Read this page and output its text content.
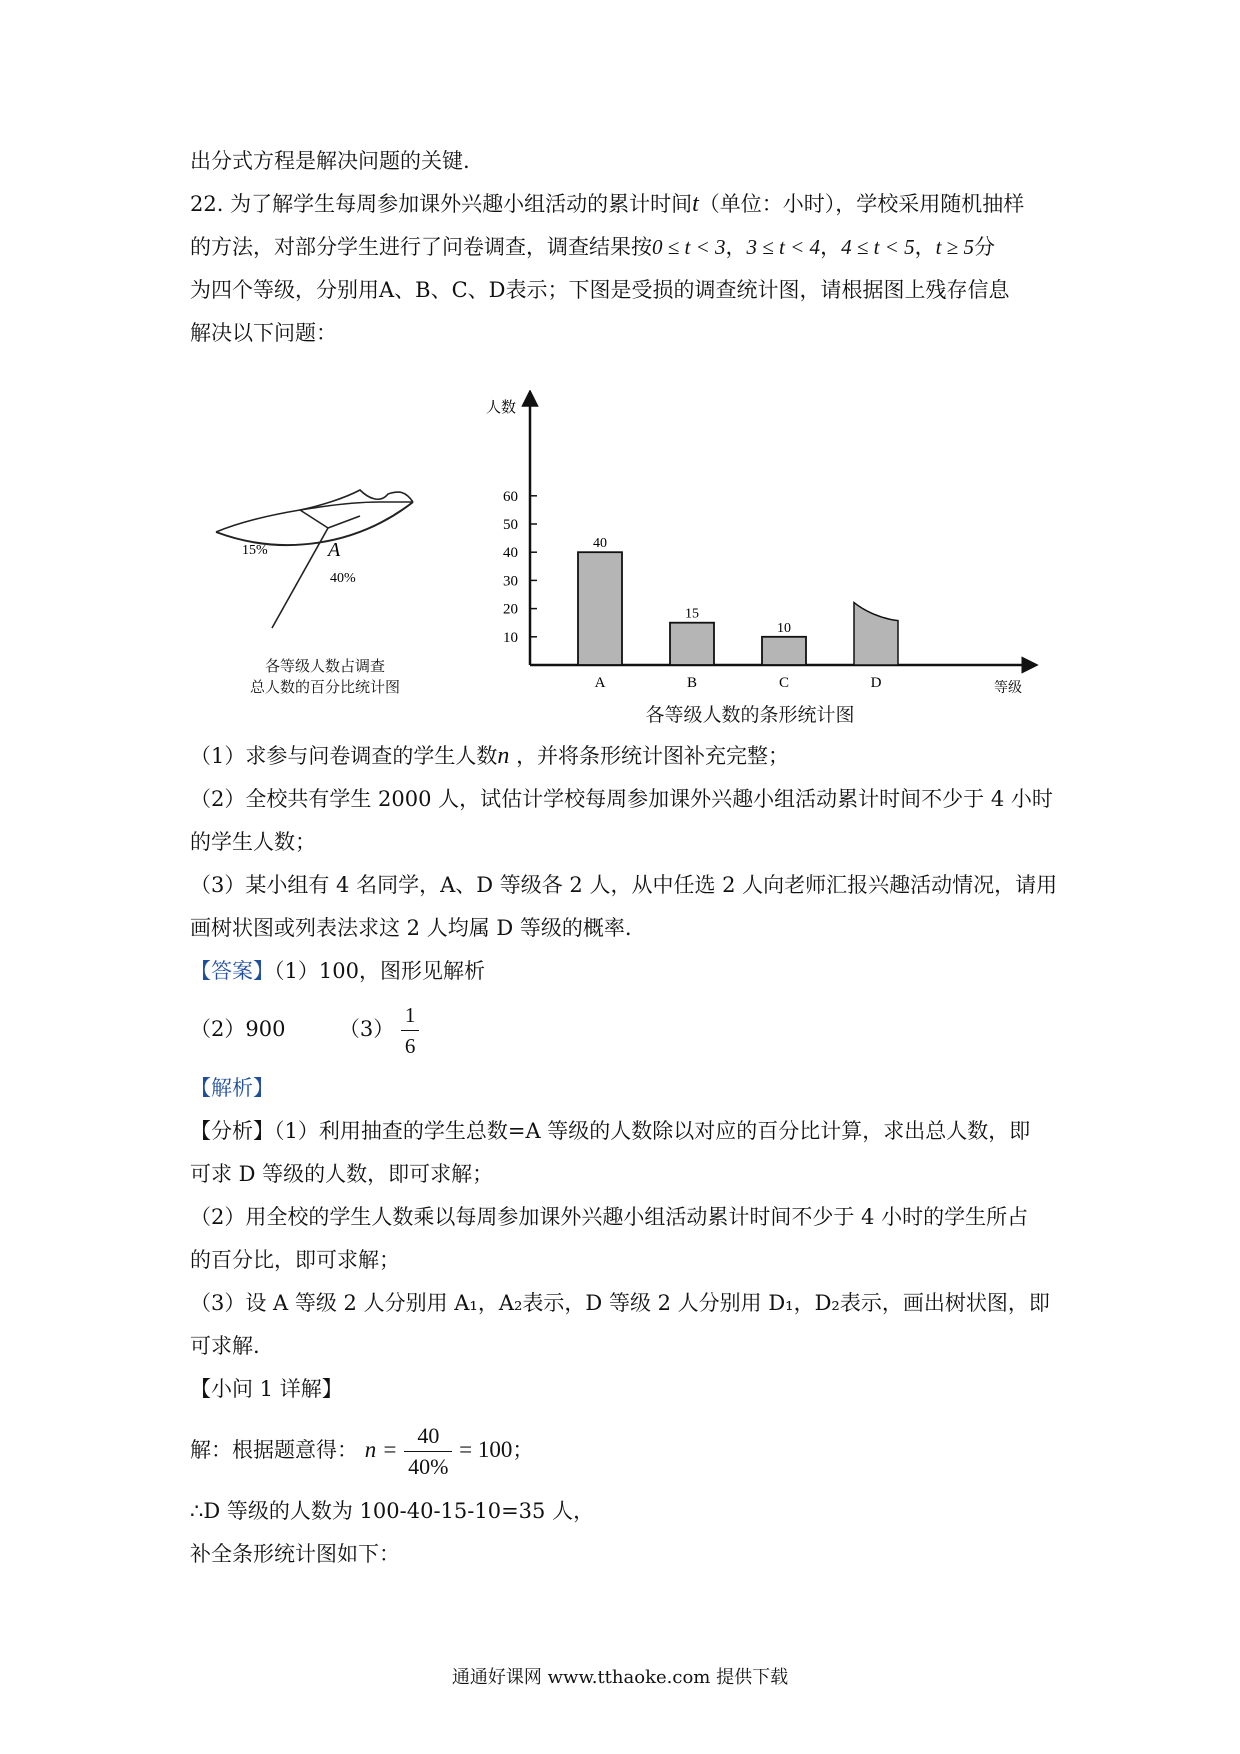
出分式方程是解决问题的关键.
22. 为了解学生每周参加课外兴趣小组活动的累计时间t（单位：小时），学校采用随机抽样
的方法，对部分学生进行了问卷调查，调查结果按0 ≤ t < 3，3 ≤ t < 4，4 ≤ t < 5，t ≥ 5分
为四个等级，分别用A、B、C、D表示；下图是受损的调查统计图，请根据图上残存信息
解决以下问题：
15%	A
40%
各等级人数占调查
总人数的百分比统计图
人数
等级
10
20
30
40
50
60
40
A
15
B
10
C	D
各等级人数的条形统计图
（1）求参与问卷调查的学生人数n ，并将条形统计图补充完整；
（2）全校共有学生 2000 人，试估计学校每周参加课外兴趣小组活动累计时间不少于 4 小时
的学生人数；
（3）某小组有 4 名同学，A、D 等级各 2 人，从中任选 2 人向老师汇报兴趣活动情况，请用
画树状图或列表法求这 2 人均属 D 等级的概率.
【答案】（1）100，图形见解析
（2）900	$(3) \frac{1}{6}$
【解析】
【分析】（1）利用抽查的学生总数=A 等级的人数除以对应的百分比计算，求出总人数，即
可求 D 等级的人数，即可求解；
（2）用全校的学生人数乘以每周参加课外兴趣小组活动累计时间不少于 4 小时的学生所占
的百分比，即可求解；
（3）设 A 等级 2 人分别用 A₁，A₂表示，D 等级 2 人分别用 D₁，D₂表示，画出树状图，即
可求解.
【小问 1 详解】
解：根据题意得： $n = \frac{40}{40\%} = 100$；
∴D 等级的人数为 100-40-15-10=35 人，
补全条形统计图如下：
通通好课网 www.tthaoke.com 提供下载
